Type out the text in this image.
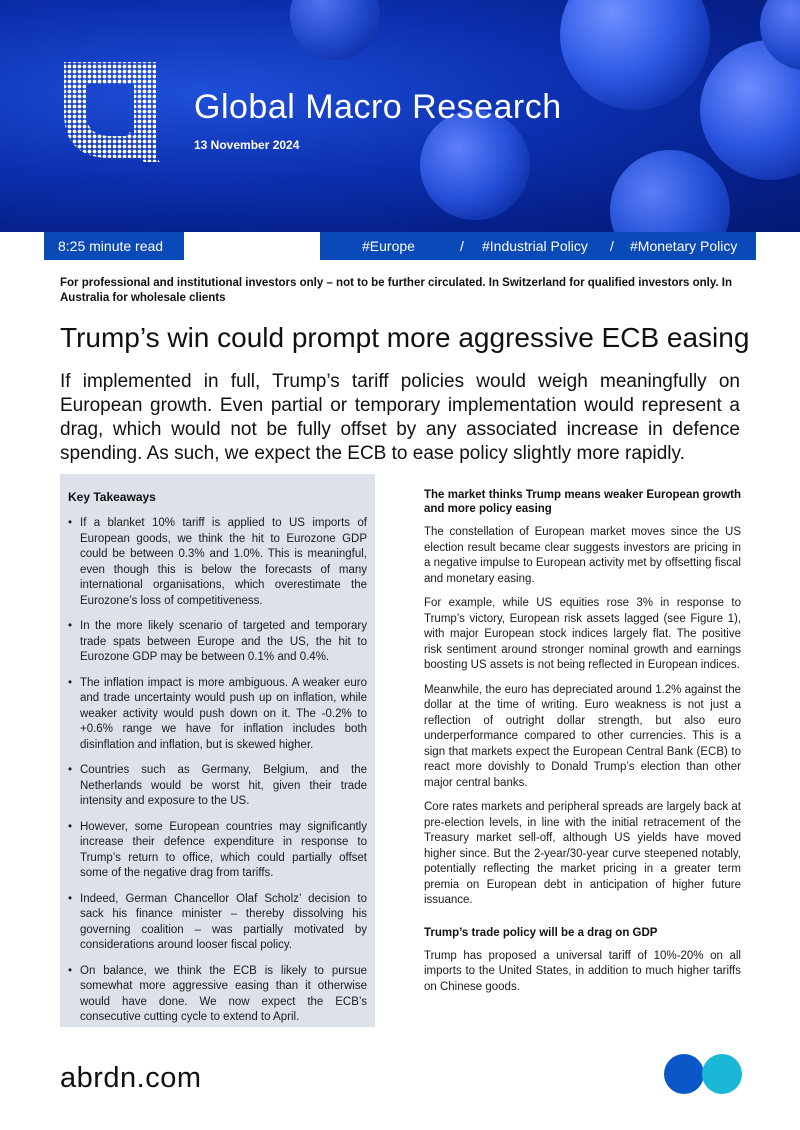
Global Macro Research
13 November 2024
8:25 minute read	#Europe	/ #Industrial Policy / #Monetary Policy
For professional and institutional investors only – not to be further circulated. In Switzerland for qualified investors only. In Australia for wholesale clients
Trump’s win could prompt more aggressive ECB easing
If implemented in full, Trump’s tariff policies would weigh meaningfully on European growth. Even partial or temporary implementation would represent a drag, which would not be fully offset by any associated increase in defence spending. As such, we expect the ECB to ease policy slightly more rapidly.
Key Takeaways
• If a blanket 10% tariff is applied to US imports of European goods, we think the hit to Eurozone GDP could be between 0.3% and 1.0%. This is meaningful, even though this is below the forecasts of many international organisations, which overestimate the Eurozone’s loss of competitiveness.
• In the more likely scenario of targeted and temporary trade spats between Europe and the US, the hit to Eurozone GDP may be between 0.1% and 0.4%.
• The inflation impact is more ambiguous. A weaker euro and trade uncertainty would push up on inflation, while weaker activity would push down on it. The -0.2% to +0.6% range we have for inflation includes both disinflation and inflation, but is skewed higher.
• Countries such as Germany, Belgium, and the Netherlands would be worst hit, given their trade intensity and exposure to the US.
• However, some European countries may significantly increase their defence expenditure in response to Trump’s return to office, which could partially offset some of the negative drag from tariffs.
• Indeed, German Chancellor Olaf Scholz’ decision to sack his finance minister – thereby dissolving his governing coalition – was partially motivated by considerations around looser fiscal policy.
• On balance, we think the ECB is likely to pursue somewhat more aggressive easing than it otherwise would have done. We now expect the ECB’s consecutive cutting cycle to extend to April.
The market thinks Trump means weaker European growth and more policy easing

The constellation of European market moves since the US election result became clear suggests investors are pricing in a negative impulse to European activity met by offsetting fiscal and monetary easing.

For example, while US equities rose 3% in response to Trump’s victory, European risk assets lagged (see Figure 1), with major European stock indices largely flat. The positive risk sentiment around stronger nominal growth and earnings boosting US assets is not being reflected in European indices.

Meanwhile, the euro has depreciated around 1.2% against the dollar at the time of writing. Euro weakness is not just a reflection of outright dollar strength, but also euro underperformance compared to other currencies. This is a sign that markets expect the European Central Bank (ECB) to react more dovishly to Donald Trump’s election than other major central banks.

Core rates markets and peripheral spreads are largely back at pre-election levels, in line with the initial retracement of the Treasury market sell-off, although US yields have moved higher since. But the 2-year/30-year curve steepened notably, potentially reflecting the market pricing in a greater term premia on European debt in anticipation of higher future issuance.

Trump’s trade policy will be a drag on GDP

Trump has proposed a universal tariff of 10%-20% on all imports to the United States, in addition to much higher tariffs on Chinese goods.

abrdn.com
